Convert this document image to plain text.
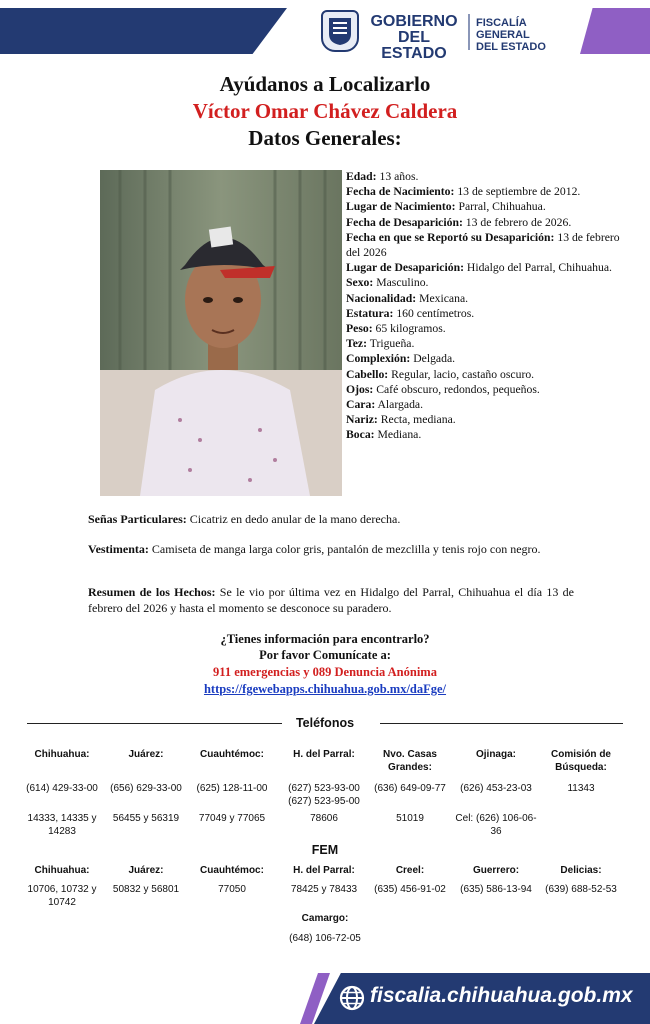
GOBIERNO DEL ESTADO
FISCALÍA GENERAL DEL ESTADO
Ayúdanos a Localizarlo
Víctor Omar Chávez Caldera
Datos Generales:

Edad: 13 años.

Fecha de Nacimiento: 13 de septiembre de 2012.

Lugar de Nacimiento: Parral, Chihuahua.

Fecha de Desaparición: 13 de febrero de 2026.

Fecha en que se Reportó su Desaparición: 13 de febrero del 2026

Lugar de Desaparición: Hidalgo del Parral, Chihuahua.

Sexo: Masculino.

Nacionalidad: Mexicana.

Estatura: 160 centímetros.

Peso: 65 kilogramos.

Tez: Trigueña.

Complexión: Delgada.

Cabello: Regular, lacio, castaño oscuro.

Ojos: Café obscuro, redondos, pequeños.

Cara: Alargada.

Nariz: Recta, mediana.

Boca: Mediana.

Señas Particulares: Cicatriz en dedo anular de la mano derecha.
Vestimenta: Camiseta de manga larga color gris, pantalón de mezclilla y tenis rojo con negro.
Resumen de los Hechos: Se le vio por última vez en Hidalgo del Parral, Chihuahua el día 13 de febrero del 2026 y hasta el momento se desconoce su paradero.
¿Tienes información para encontrarlo?
Por favor Comunícate a:
911 emergencias y 089 Denuncia Anónima
https://fgewebapps.chihuahua.gob.mx/daFge/
Teléfonos
Chihuahua:
(614) 429-33-00
14333, 14335 y 14283
Juárez:
(656) 629-33-00
56455 y 56319
Cuauhtémoc:
(625) 128-11-00
77049 y 77065
H. del Parral:
(627) 523-93-00 (627) 523-95-00
78606
Nvo. Casas Grandes:
(636) 649-09-77
51019
Ojinaga:
(626) 453-23-03
Cel: (626) 106-06-36
Comisión de Búsqueda:
11343
FEM
Chihuahua:
10706, 10732 y 10742
Juárez:
50832 y 56801
Cuauhtémoc:
77050
H. del Parral:
78425 y 78433
Creel:
(635) 456-91-02
Guerrero:
(635) 586-13-94
Delicias:
(639) 688-52-53
Camargo:
(648) 106-72-05
fiscalia.chihuahua.gob.mx
